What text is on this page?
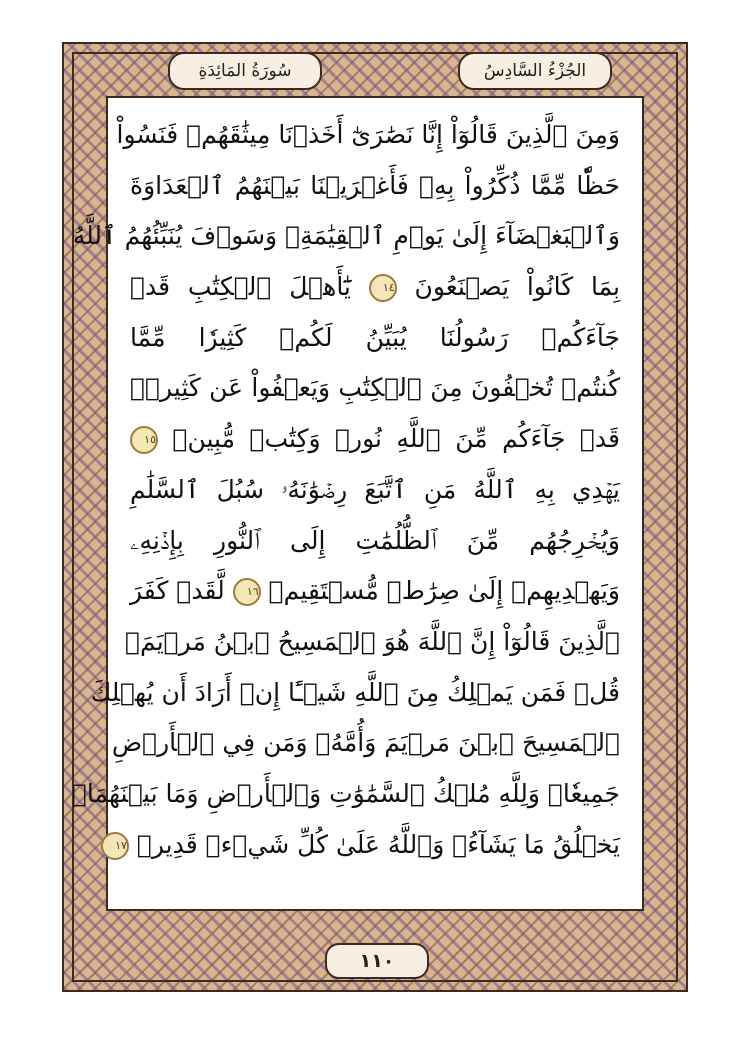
الجُزْءُ السَّادِسُ
سُورَةُ المَائِدَةِ
وَمِنَ ٱلَّذِينَ قَالُوٓاْ إِنَّا نَصَٰرَىٰٓ أَخَذۡنَا مِيثَٰقَهُمۡ فَنَسُواْ
حَظّٗا مِّمَّا ذُكِّرُواْ بِهِۦ فَأَغۡرَيۡنَا بَيۡنَهُمُ ٱلۡعَدَاوَةَ
وَٱلۡبَغۡضَآءَ إِلَىٰ يَوۡمِ ٱلۡقِيَٰمَةِۚ وَسَوۡفَ يُنَبِّئُهُمُ ٱللَّهُ
بِمَا كَانُواْ يَصۡنَعُونَ ١٤ يَٰٓأَهۡلَ ٱلۡكِتَٰبِ قَدۡ
جَآءَكُمۡ رَسُولُنَا يُبَيِّنُ لَكُمۡ كَثِيرٗا مِّمَّا
كُنتُمۡ تُخۡفُونَ مِنَ ٱلۡكِتَٰبِ وَيَعۡفُواْ عَن كَثِيرٖۚ
قَدۡ جَآءَكُم مِّنَ ٱللَّهِ نُورٞ وَكِتَٰبٞ مُّبِينٞ ١٥
يَهۡدِي بِهِ ٱللَّهُ مَنِ ٱتَّبَعَ رِضۡوَٰنَهُۥ سُبُلَ ٱلسَّلَٰمِ
وَيُخۡرِجُهُم مِّنَ ٱلظُّلُمَٰتِ إِلَى ٱلنُّورِ بِإِذۡنِهِۦ
وَيَهۡدِيهِمۡ إِلَىٰ صِرَٰطٖ مُّسۡتَقِيمٖ ١٦ لَّقَدۡ كَفَرَ
ٱلَّذِينَ قَالُوٓاْ إِنَّ ٱللَّهَ هُوَ ٱلۡمَسِيحُ ٱبۡنُ مَرۡيَمَۚ
قُلۡ فَمَن يَمۡلِكُ مِنَ ٱللَّهِ شَيۡـًٔا إِنۡ أَرَادَ أَن يُهۡلِكَ
ٱلۡمَسِيحَ ٱبۡنَ مَرۡيَمَ وَأُمَّهُۥ وَمَن فِي ٱلۡأَرۡضِ
جَمِيعٗاۗ وَلِلَّهِ مُلۡكُ ٱلسَّمَٰوَٰتِ وَٱلۡأَرۡضِ وَمَا بَيۡنَهُمَاۚ
يَخۡلُقُ مَا يَشَآءُۚ وَٱللَّهُ عَلَىٰ كُلِّ شَيۡءٖ قَدِيرٞ ١٧
١١٠
